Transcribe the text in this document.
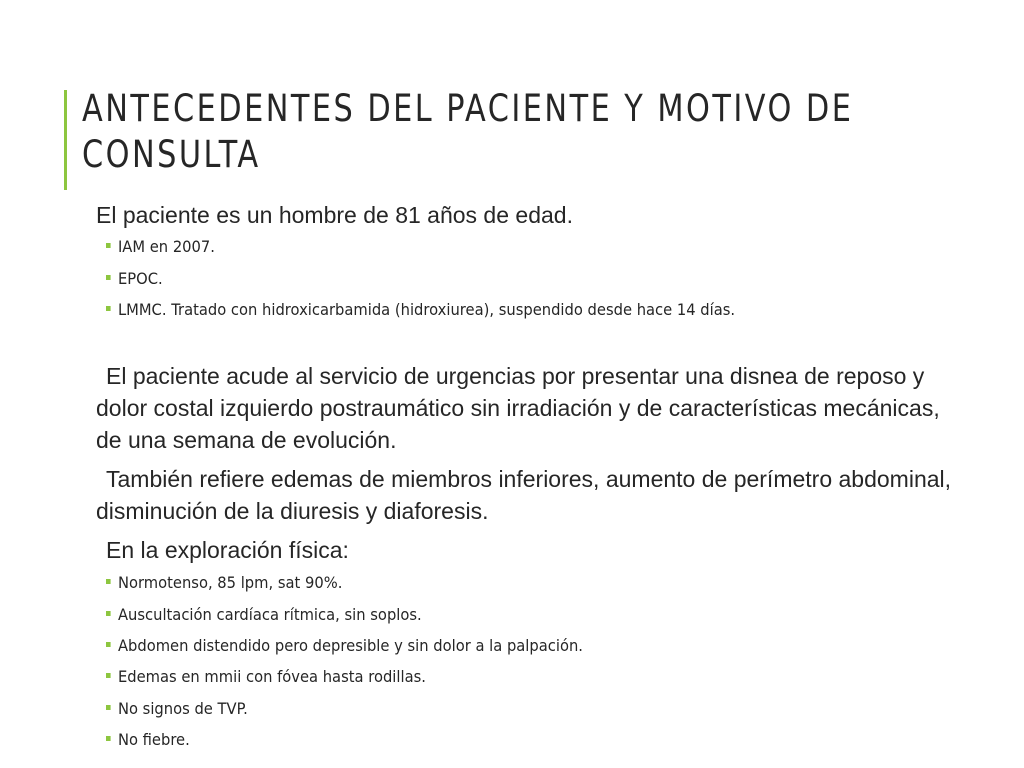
ANTECEDENTES DEL PACIENTE Y MOTIVO DE
CONSULTA

El paciente es un hombre de 81 años de edad.

IAM en 2007.
EPOC.
LMMC. Tratado con hidroxicarbamida (hidroxiurea), suspendido desde hace 14 días.

El paciente acude al servicio de urgencias por presentar una disnea de reposo y dolor costal izquierdo postraumático sin irradiación y de características mecánicas, de una semana de evolución.

También refiere edemas de miembros inferiores, aumento de perímetro abdominal, disminución de la diuresis y diaforesis.

En la exploración física:

Normotenso, 85 lpm, sat 90%.
Auscultación cardíaca rítmica, sin soplos.
Abdomen distendido pero depresible y sin dolor a la palpación.
Edemas en mmii con fóvea hasta rodillas.
No signos de TVP.
No fiebre.
